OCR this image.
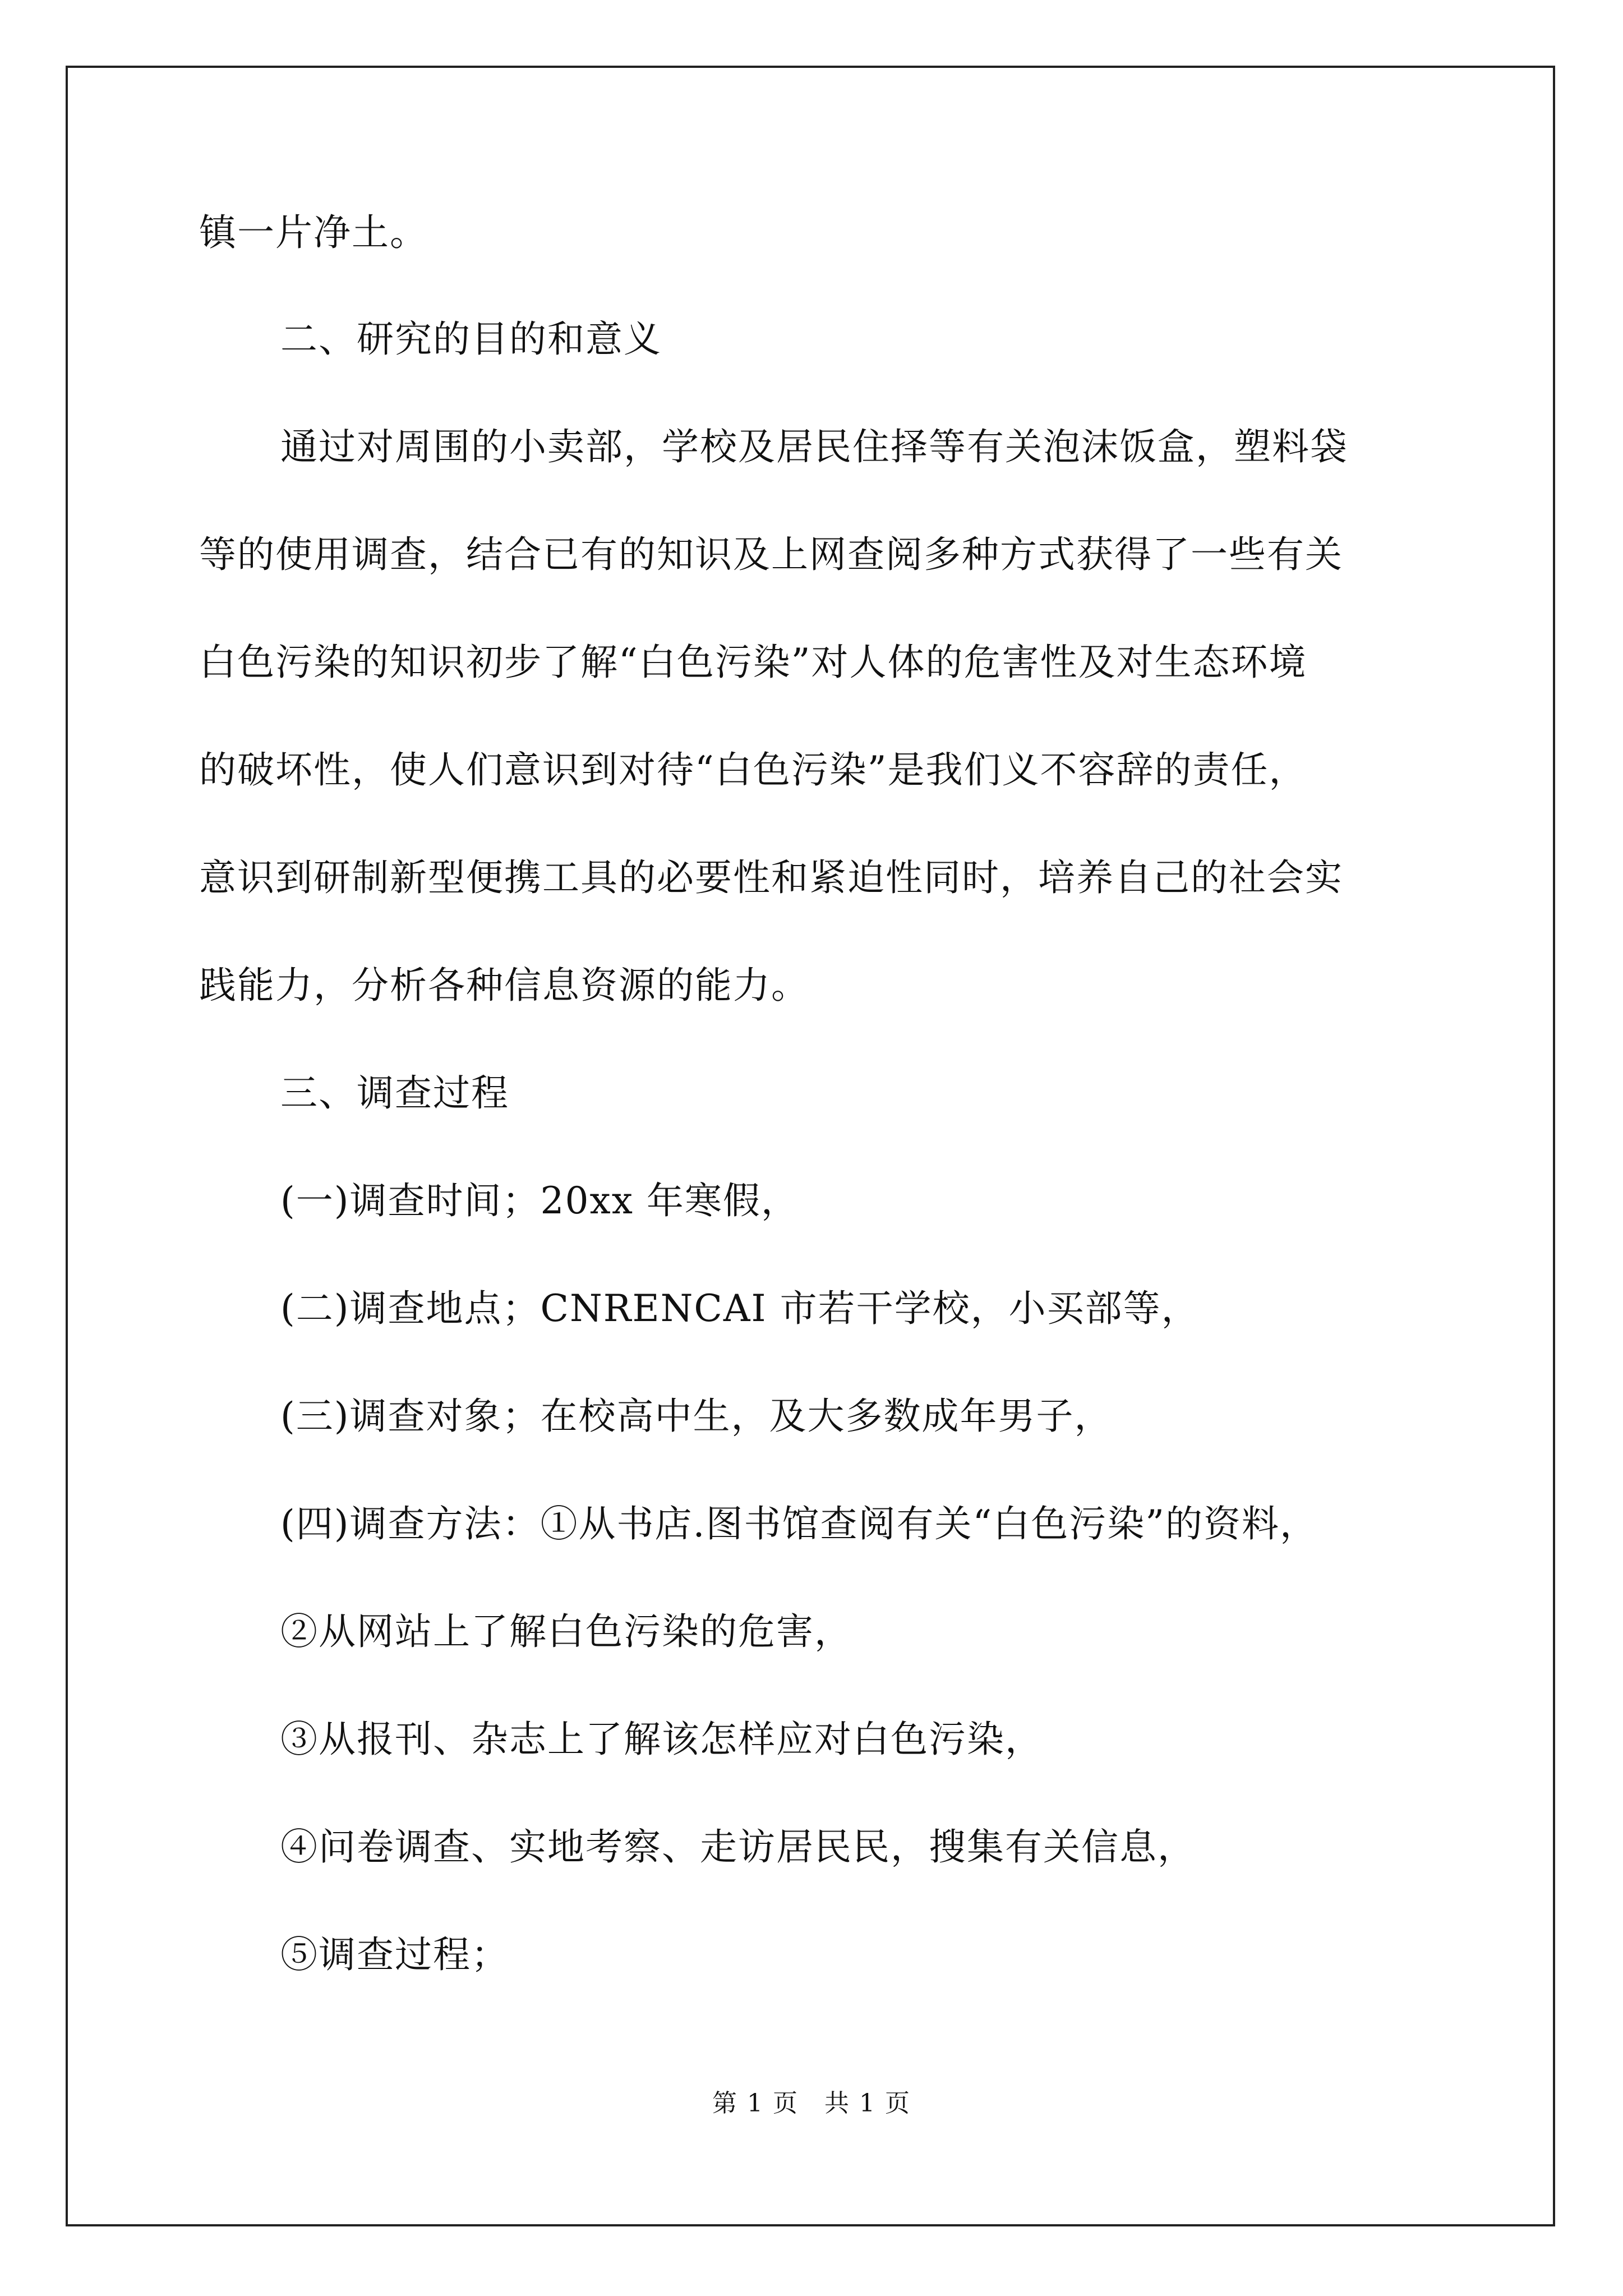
镇一片净土。
二、研究的目的和意义
通过对周围的小卖部，学校及居民住择等有关泡沫饭盒，塑料袋
等的使用调查，结合已有的知识及上网查阅多种方式获得了一些有关
白色污染的知识初步了解“白色污染”对人体的危害性及对生态环境
的破坏性，使人们意识到对待“白色污染”是我们义不容辞的责任，
意识到研制新型便携工具的必要性和紧迫性同时，培养自己的社会实
践能力，分析各种信息资源的能力。
三、调查过程
(一)调查时间；20xx 年寒假，
(二)调查地点；CNRENCAI 市若干学校，小买部等，
(三)调查对象；在校高中生，及大多数成年男子，
(四)调查方法：①从书店.图书馆查阅有关“白色污染”的资料，
②从网站上了解白色污染的危害，
③从报刊、杂志上了解该怎样应对白色污染，
④问卷调查、实地考察、走访居民民，搜集有关信息，
⑤调查过程；
第 1 页　共 1 页
